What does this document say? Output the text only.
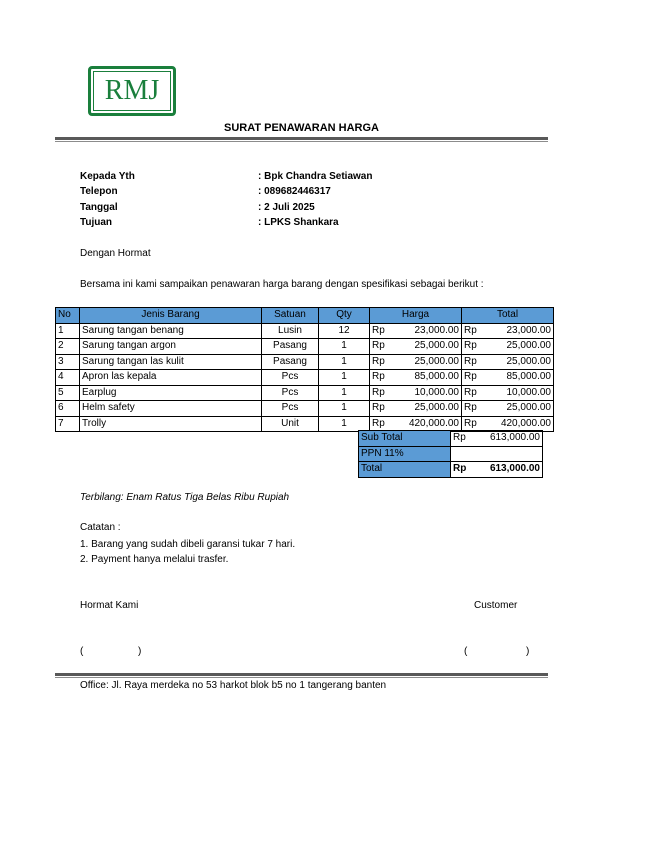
RMJ
SURAT PENAWARAN HARGA
Kepada Yth	: Bpk Chandra Setiawan
Telepon	: 089682446317
Tanggal	: 2 Juli 2025
Tujuan	: LPKS Shankara
Dengan Hormat
Bersama ini kami sampaikan penawaran harga barang dengan spesifikasi sebagai berikut :
No	Jenis Barang	Satuan	Qty	Harga	Total
1	Sarung tangan benang	Lusin	12	Rp 23,000.00	Rp 23,000.00

2	Sarung tangan argon	Pasang	1	Rp 25,000.00	Rp 25,000.00

3	Sarung tangan las kulit	Pasang	1	Rp 25,000.00	Rp 25,000.00

4	Apron las kepala	Pcs	1	Rp 85,000.00	Rp 85,000.00

5	Earplug	Pcs	1	Rp 10,000.00	Rp 10,000.00

6	Helm safety	Pcs	1	Rp 25,000.00	Rp 25,000.00

7	Trolly	Unit	1	Rp 420,000.00	Rp 420,000.00
Sub Total	Rp 613,000.00

PPN 11%	
Total	Rp 613,000.00
Terbilang: Enam Ratus Tiga Belas Ribu Rupiah
Catatan :
1. Barang yang sudah dibeli garansi tukar 7 hari.
2. Payment hanya melalui trasfer.
Hormat Kami	Customer
(	)	(	)
Office: Jl. Raya merdeka no 53 harkot blok b5 no 1 tangerang banten
